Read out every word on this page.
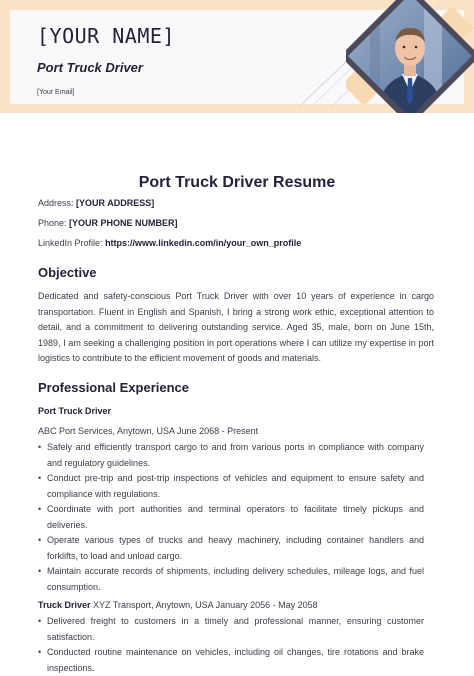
[YOUR NAME]
Port Truck Driver
[Your Email]
Port Truck Driver Resume
Address: [YOUR ADDRESS]
Phone: [YOUR PHONE NUMBER]
LinkedIn Profile: https://www.linkedin.com/in/your_own_profile
Objective

Dedicated and safety-conscious Port Truck Driver with over 10 years of experience in cargo transportation. Fluent in English and Spanish, I bring a strong work ethic, exceptional attention to detail, and a commitment to delivering outstanding service. Aged 35, male, born on June 15th, 1989, I am seeking a challenging position in port operations where I can utilize my expertise in port logistics to contribute to the efficient movement of goods and materials.

Professional Experience
Port Truck Driver
ABC Port Services, Anytown, USA June 2068 - Present
• Safely and efficiently transport cargo to and from various ports in compliance with company and regulatory guidelines.
• Conduct pre-trip and post-trip inspections of vehicles and equipment to ensure safety and compliance with regulations.
• Coordinate with port authorities and terminal operators to facilitate timely pickups and deliveries.
• Operate various types of trucks and heavy machinery, including container handlers and forklifts, to load and unload cargo.
• Maintain accurate records of shipments, including delivery schedules, mileage logs, and fuel consumption.
Truck Driver XYZ Transport, Anytown, USA January 2056 - May 2058
• Delivered freight to customers in a timely and professional manner, ensuring customer satisfaction.
• Conducted routine maintenance on vehicles, including oil changes, tire rotations and brake inspections.
